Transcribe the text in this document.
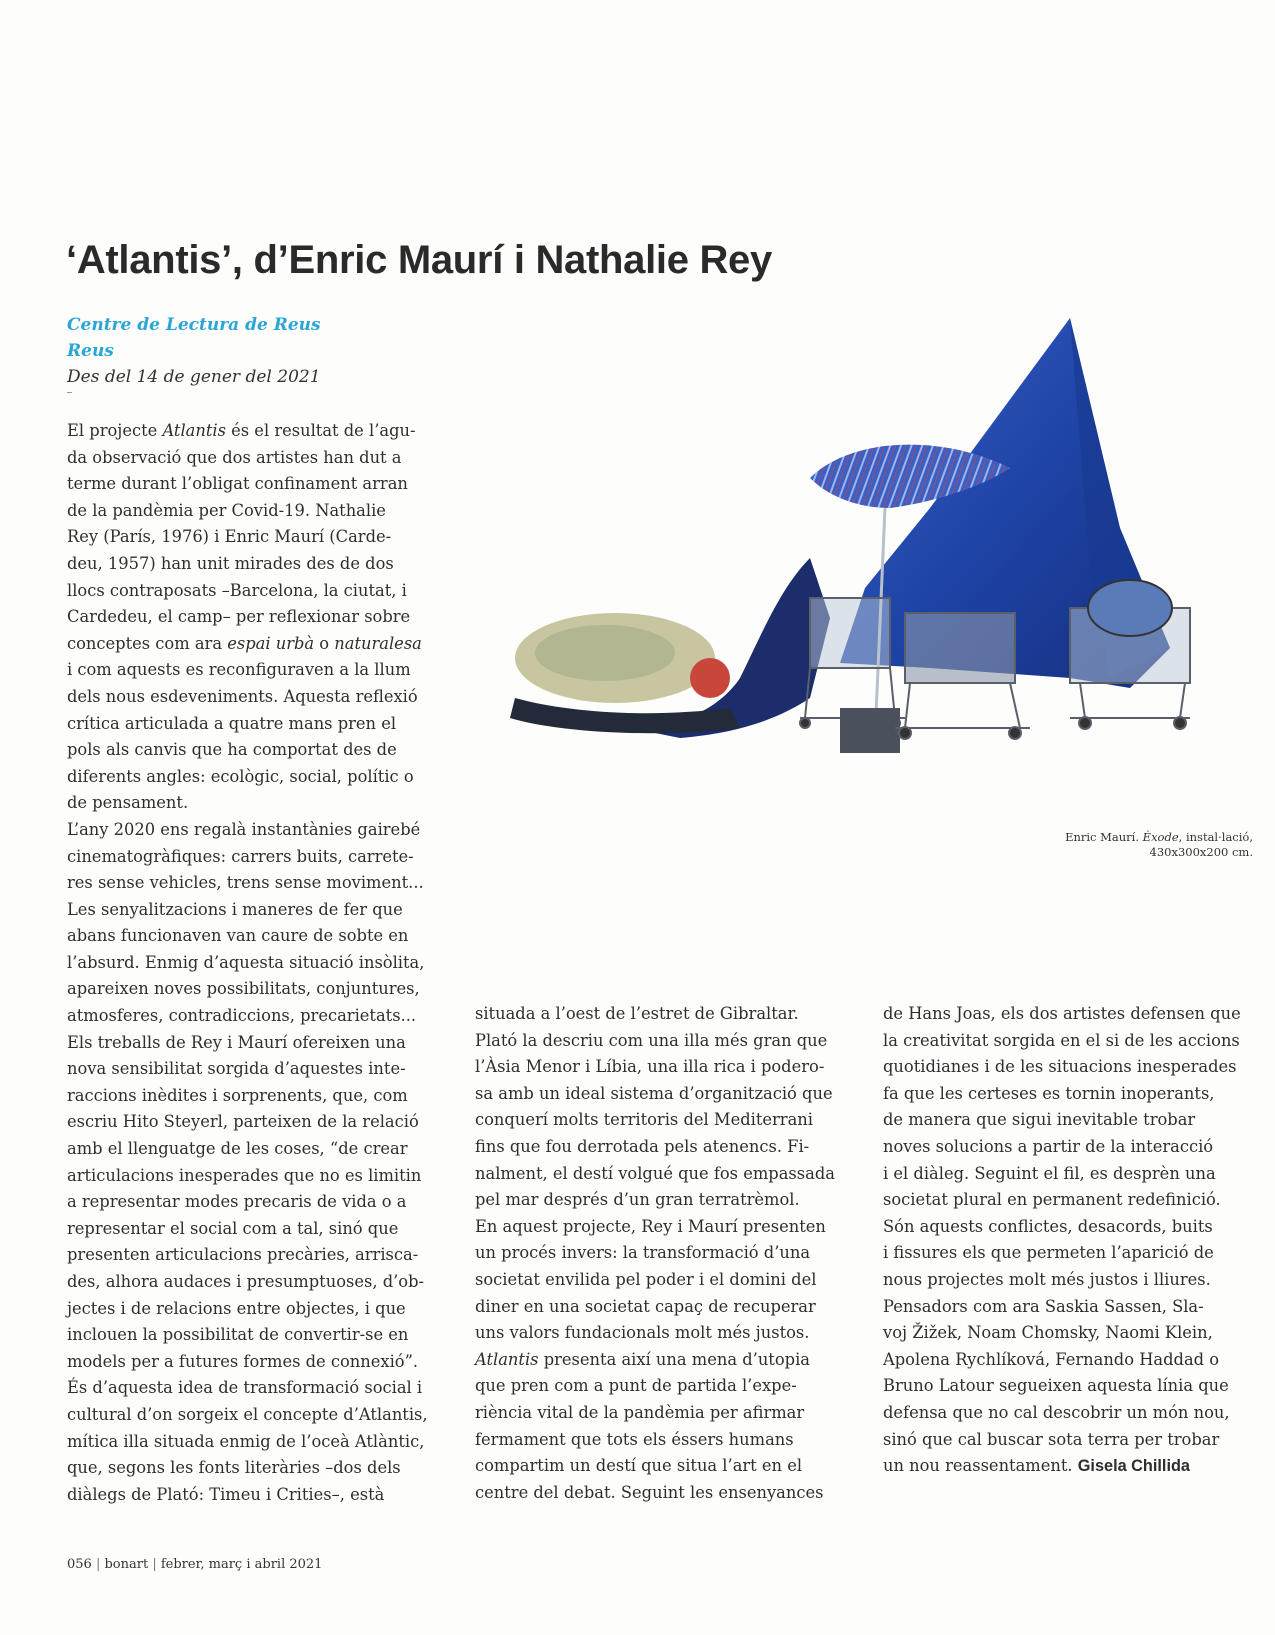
‘Atlantis’, d’Enric Maurí i Nathalie Rey
Centre de Lectura de Reus
Reus
Des del 14 de gener del 2021
El projecte Atlantis és el resultat de l’agu-
da observació que dos artistes han dut a
terme durant l’obligat confinament arran
de la pandèmia per Covid-19. Nathalie
Rey (París, 1976) i Enric Maurí (Carde-
deu, 1957) han unit mirades des de dos
llocs contraposats –Barcelona, la ciutat, i
Cardedeu, el camp– per reflexionar sobre
conceptes com ara espai urbà o naturalesa
i com aquests es reconfiguraven a la llum
dels nous esdeveniments. Aquesta reflexió
crítica articulada a quatre mans pren el
pols als canvis que ha comportat des de
diferents angles: ecològic, social, polític o
de pensament.
L’any 2020 ens regalà instantànies gairebé
cinematogràfiques: carrers buits, carrete-
res sense vehicles, trens sense moviment...
Les senyalitzacions i maneres de fer que
abans funcionaven van caure de sobte en
l’absurd. Enmig d’aquesta situació insòlita,
apareixen noves possibilitats, conjuntures,
atmosferes, contradiccions, precarietats...
Els treballs de Rey i Maurí ofereixen una
nova sensibilitat sorgida d’aquestes inte-
raccions inèdites i sorprenents, que, com
escriu Hito Steyerl, parteixen de la relació
amb el llenguatge de les coses, “de crear
articulacions inesperades que no es limitin
a representar modes precaris de vida o a
representar el social com a tal, sinó que
presenten articulacions precàries, arrisca-
des, alhora audaces i presumptuoses, d’ob-
jectes i de relacions entre objectes, i que
inclouen la possibilitat de convertir-se en
models per a futures formes de connexió”.
És d’aquesta idea de transformació social i
cultural d’on sorgeix el concepte d’Atlantis,
mítica illa situada enmig de l’oceà Atlàntic,
que, segons les fonts literàries –dos dels
diàlegs de Plató: Timeu i Crities–, està
Enric Maurí. Èxode, instal·lació,
430x300x200 cm.
situada a l’oest de l’estret de Gibraltar.
Plató la descriu com una illa més gran que
l’Àsia Menor i Líbia, una illa rica i podero-
sa amb un ideal sistema d’organització que
conquerí molts territoris del Mediterrani
fins que fou derrotada pels atenencs. Fi-
nalment, el destí volgué que fos empassada
pel mar després d’un gran terratrèmol.
En aquest projecte, Rey i Maurí presenten
un procés invers: la transformació d’una
societat envilida pel poder i el domini del
diner en una societat capaç de recuperar
uns valors fundacionals molt més justos.
Atlantis presenta així una mena d’utopia
que pren com a punt de partida l’expe-
riència vital de la pandèmia per afirmar
fermament que tots els éssers humans
compartim un destí que situa l’art en el
centre del debat. Seguint les ensenyances
de Hans Joas, els dos artistes defensen que
la creativitat sorgida en el si de les accions
quotidianes i de les situacions inesperades
fa que les certeses es tornin inoperants,
de manera que sigui inevitable trobar
noves solucions a partir de la interacció
i el diàleg. Seguint el fil, es desprèn una
societat plural en permanent redefinició.
Són aquests conflictes, desacords, buits
i fissures els que permeten l’aparició de
nous projectes molt més justos i lliures.
Pensadors com ara Saskia Sassen, Sla-
voj Žižek, Noam Chomsky, Naomi Klein,
Apolena Rychlíková, Fernando Haddad o
Bruno Latour segueixen aquesta línia que
defensa que no cal descobrir un món nou,
sinó que cal buscar sota terra per trobar
un nou reassentament. Gisela Chillida
056 | bonart | febrer, març i abril 2021
